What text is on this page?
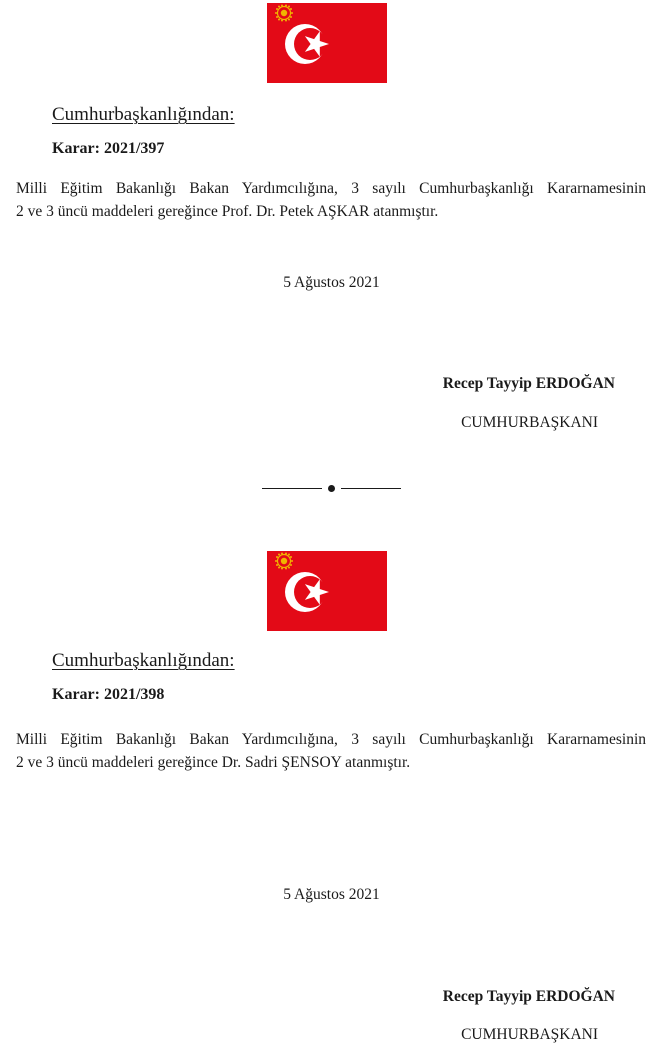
Cumhurbaşkanlığından:
Karar: 2021/397
Milli Eğitim Bakanlığı Bakan Yardımcılığına, 3 sayılı Cumhurbaşkanlığı Kararnamesinin
2 ve 3 üncü maddeleri gereğince Prof. Dr. Petek AŞKAR atanmıştır.
5 Ağustos 2021
Recep Tayyip ERDOĞAN
CUMHURBAŞKANI
Cumhurbaşkanlığından:
Karar: 2021/398
Milli Eğitim Bakanlığı Bakan Yardımcılığına, 3 sayılı Cumhurbaşkanlığı Kararnamesinin
2 ve 3 üncü maddeleri gereğince Dr. Sadri ŞENSOY atanmıştır.
5 Ağustos 2021
Recep Tayyip ERDOĞAN
CUMHURBAŞKANI
